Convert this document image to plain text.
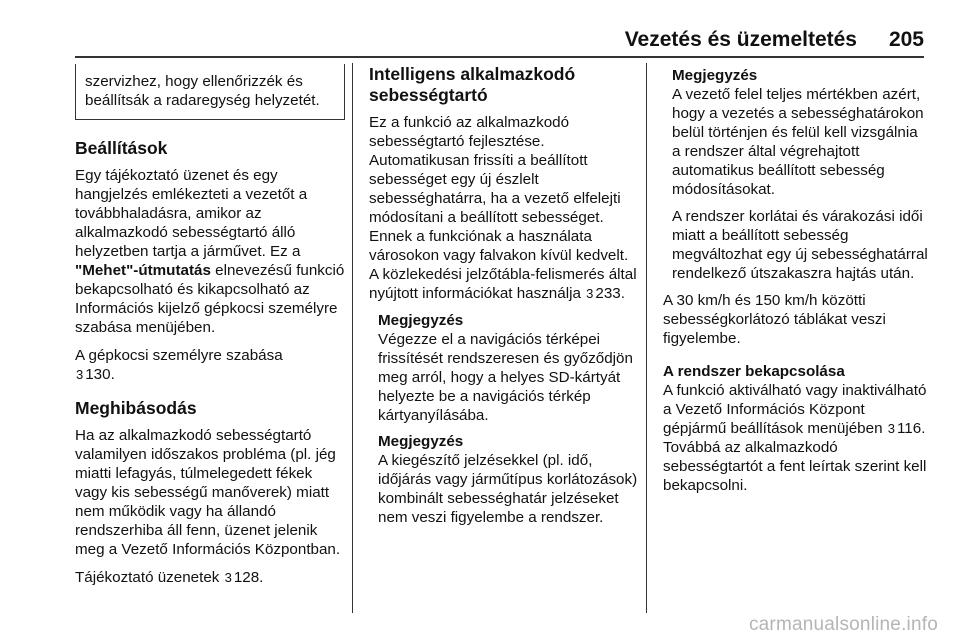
Vezetés és üzemeltetés 205

szervizhez, hogy ellenőrizzék és beállítsák a radaregység helyzetét.

Beállítások

Egy tájékoztató üzenet és egy hangjelzés emlékezteti a vezetőt a továbbhaladásra, amikor az alkalmazkodó sebességtartó álló helyzetben tartja a járművet. Ez a "Mehet"-útmutatás elnevezésű funkció bekapcsolható és kikapcsolható az Információs kijelző gépkocsi személyre szabása menüjében.

A gépkocsi személyre szabása
3 130.

Meghibásodás

Ha az alkalmazkodó sebességtartó valamilyen időszakos probléma (pl. jég miatti lefagyás, túlmelegedett fékek vagy kis sebességű manőverek) miatt nem működik vagy ha állandó rendszerhiba áll fenn, üzenet jelenik meg a Vezető Információs Központban.

Tájékoztató üzenetek 3 128.

Intelligens alkalmazkodó sebességtartó

Ez a funkció az alkalmazkodó sebességtartó fejlesztése. Automatikusan frissíti a beállított sebességet egy új észlelt sebességhatárra, ha a vezető elfelejti módosítani a beállított sebességet. Ennek a funkciónak a használata városokon vagy falvakon kívül kedvelt. A közlekedési jelzőtábla-felismerés által nyújtott információkat használja 3 233.

Megjegyzés

Végezze el a navigációs térképei frissítését rendszeresen és győződjön meg arról, hogy a helyes SD-kártyát helyezte be a navigációs térkép kártyanyílásába.

Megjegyzés

A kiegészítő jelzésekkel (pl. idő, időjárás vagy járműtípus korlátozások) kombinált sebességhatár jelzéseket nem veszi figyelembe a rendszer.

Megjegyzés

A vezető felel teljes mértékben azért, hogy a vezetés a sebességhatárokon belül történjen és felül kell vizsgálnia a rendszer által végrehajtott automatikus beállított sebesség módosításokat.

A rendszer korlátai és várakozási idői miatt a beállított sebesség megváltozhat egy új sebességhatárral rendelkező útszakaszra hajtás után.

A 30 km/h és 150 km/h közötti sebességkorlátozó táblákat veszi figyelembe.

A rendszer bekapcsolása

A funkció aktiválható vagy inaktiválható a Vezető Információs Központ gépjármű beállítások menüjében 3 116. Továbbá az alkalmazkodó sebességtartót a fent leírtak szerint kell bekapcsolni.

carmanualsonline.info
